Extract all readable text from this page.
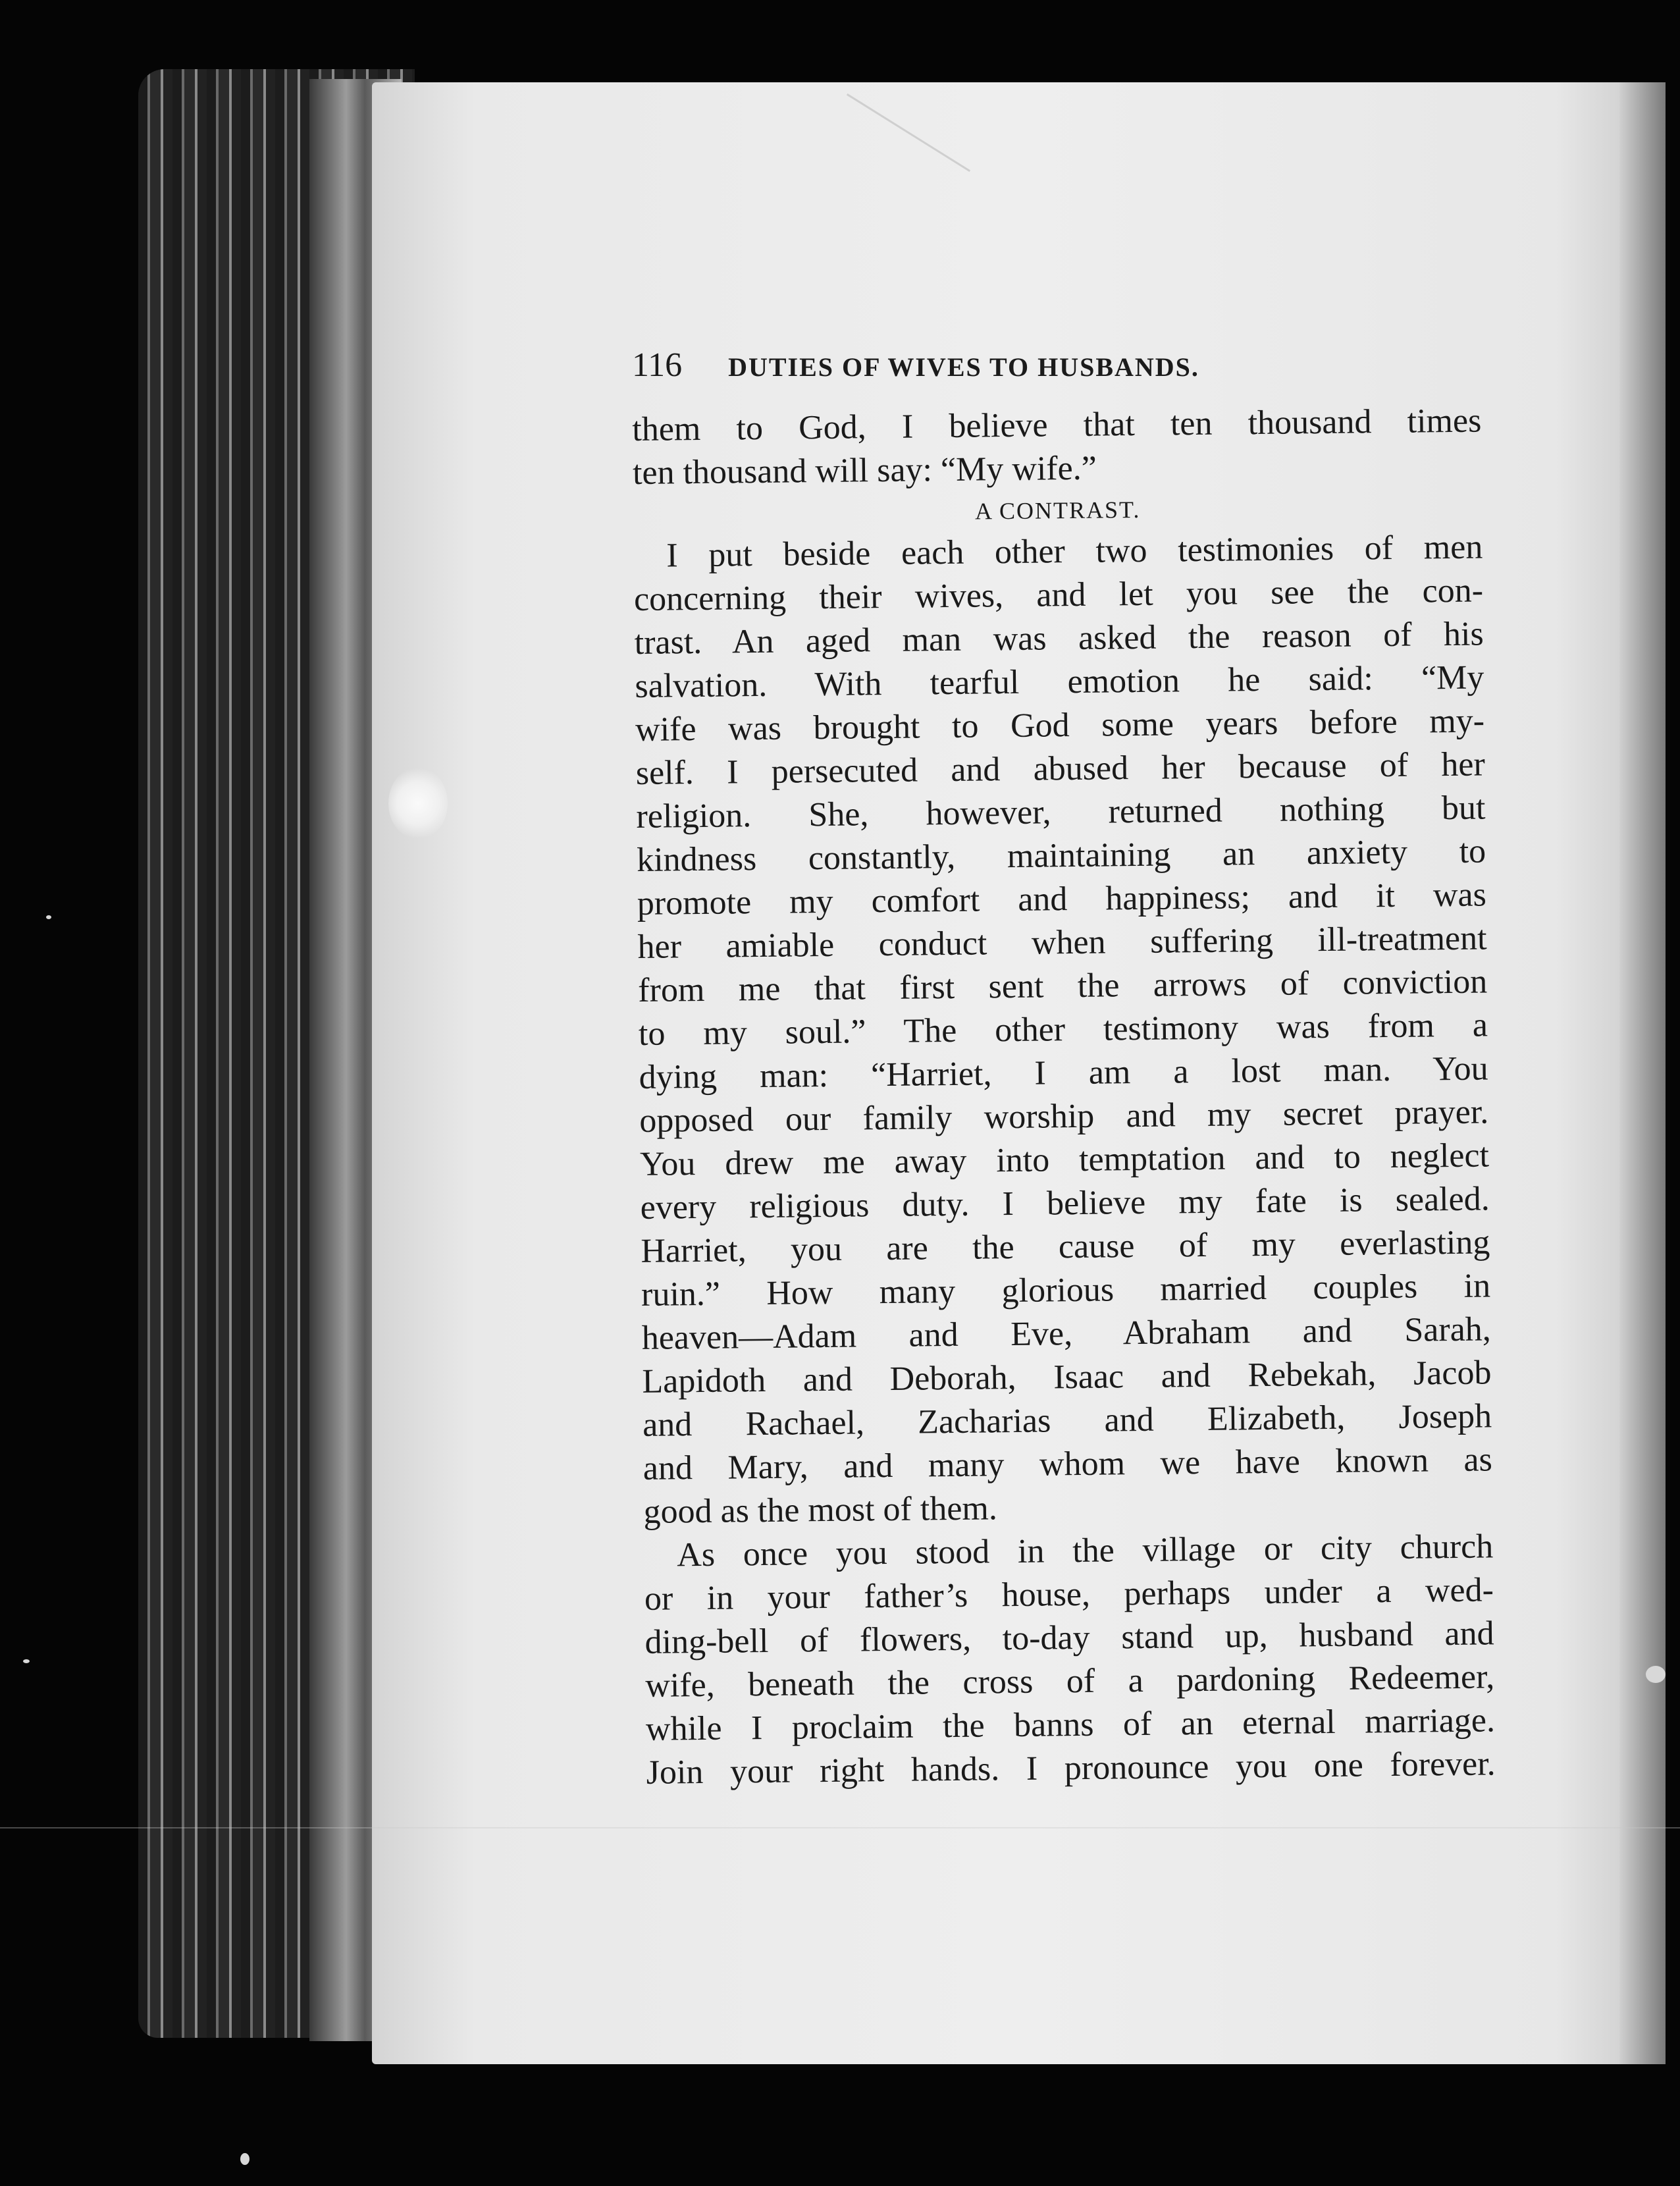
116 DUTIES OF WIVES TO HUSBANDS.
them to God, I believe that ten thousand times
ten thousand will say: “My wife.”
A CONTRAST.
I put beside each other two testimonies of men
concerning their wives, and let you see the con-
trast. An aged man was asked the reason of his
salvation. With tearful emotion he said: “My
wife was brought to God some years before my-
self. I persecuted and abused her because of her
religion. She, however, returned nothing but
kindness constantly, maintaining an anxiety to
promote my comfort and happiness; and it was
her amiable conduct when suffering ill-treatment
from me that first sent the arrows of conviction
to my soul.” The other testimony was from a
dying man: “Harriet, I am a lost man. You
opposed our family worship and my secret prayer.
You drew me away into temptation and to neglect
every religious duty. I believe my fate is sealed.
Harriet, you are the cause of my everlasting
ruin.” How many glorious married couples in
heaven—Adam and Eve, Abraham and Sarah,
Lapidoth and Deborah, Isaac and Rebekah, Jacob
and Rachael, Zacharias and Elizabeth, Joseph
and Mary, and many whom we have known as
good as the most of them.
As once you stood in the village or city church
or in your father’s house, perhaps under a wed-
ding-bell of flowers, to-day stand up, husband and
wife, beneath the cross of a pardoning Redeemer,
while I proclaim the banns of an eternal marriage.
Join your right hands. I pronounce you one forever.
